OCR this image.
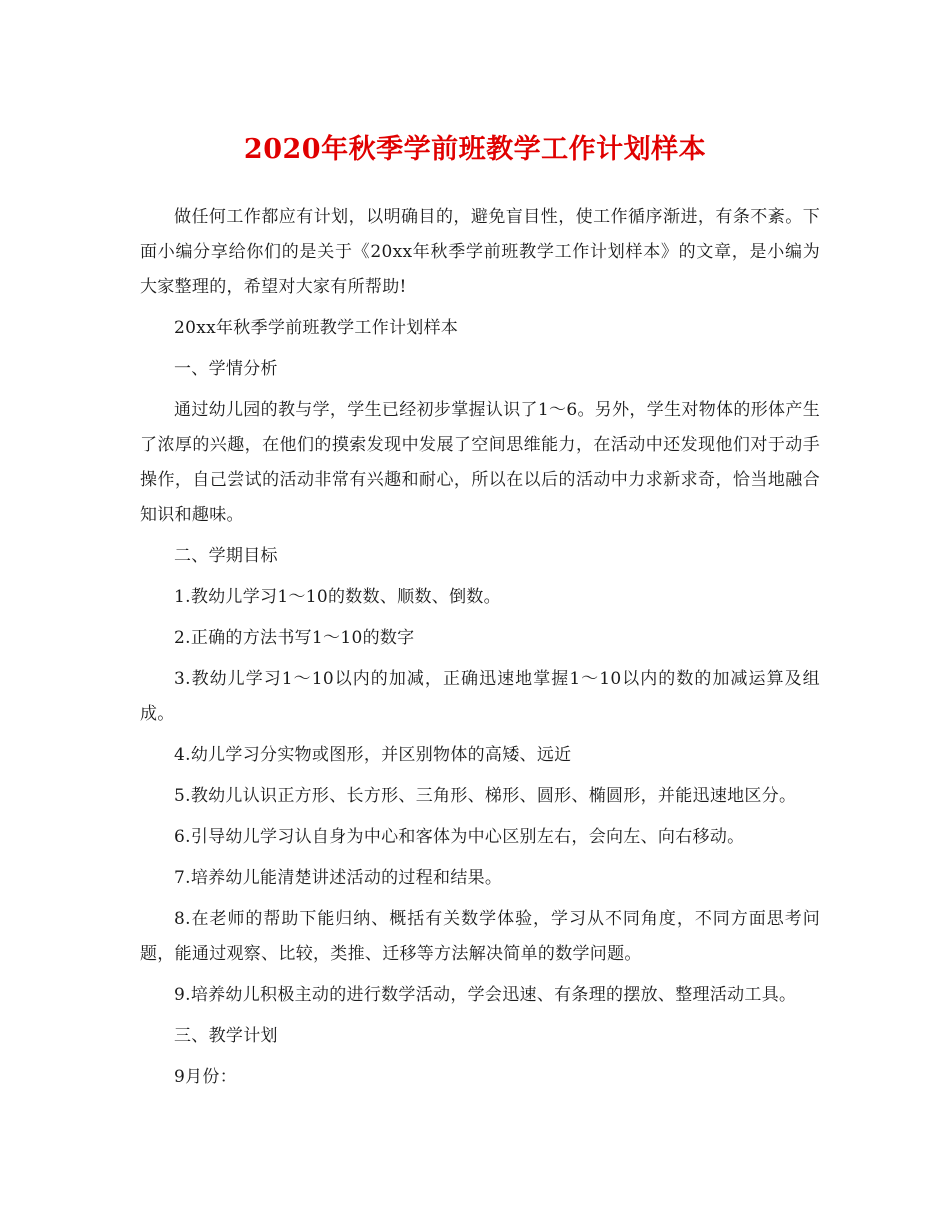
2020年秋季学前班教学工作计划样本

做任何工作都应有计划，以明确目的，避免盲目性，使工作循序渐进，有条不紊。下面小编分享给你们的是关于《20xx年秋季学前班教学工作计划样本》的文章，是小编为大家整理的，希望对大家有所帮助!

20xx年秋季学前班教学工作计划样本

一、学情分析

通过幼儿园的教与学，学生已经初步掌握认识了1～6。另外，学生对物体的形体产生了浓厚的兴趣，在他们的摸索发现中发展了空间思维能力，在活动中还发现他们对于动手操作，自己尝试的活动非常有兴趣和耐心，所以在以后的活动中力求新求奇，恰当地融合知识和趣味。

二、学期目标

1.教幼儿学习1～10的数数、顺数、倒数。

2.正确的方法书写1～10的数字

3.教幼儿学习1～10以内的加减，正确迅速地掌握1～10以内的数的加减运算及组成。

4.幼儿学习分实物或图形，并区别物体的高矮、远近

5.教幼儿认识正方形、长方形、三角形、梯形、圆形、椭圆形，并能迅速地区分。

6.引导幼儿学习认自身为中心和客体为中心区别左右，会向左、向右移动。

7.培养幼儿能清楚讲述活动的过程和结果。

8.在老师的帮助下能归纳、概括有关数学体验，学习从不同角度，不同方面思考问题，能通过观察、比较，类推、迁移等方法解决简单的数学问题。

9.培养幼儿积极主动的进行数学活动，学会迅速、有条理的摆放、整理活动工具。

三、教学计划

9月份：
